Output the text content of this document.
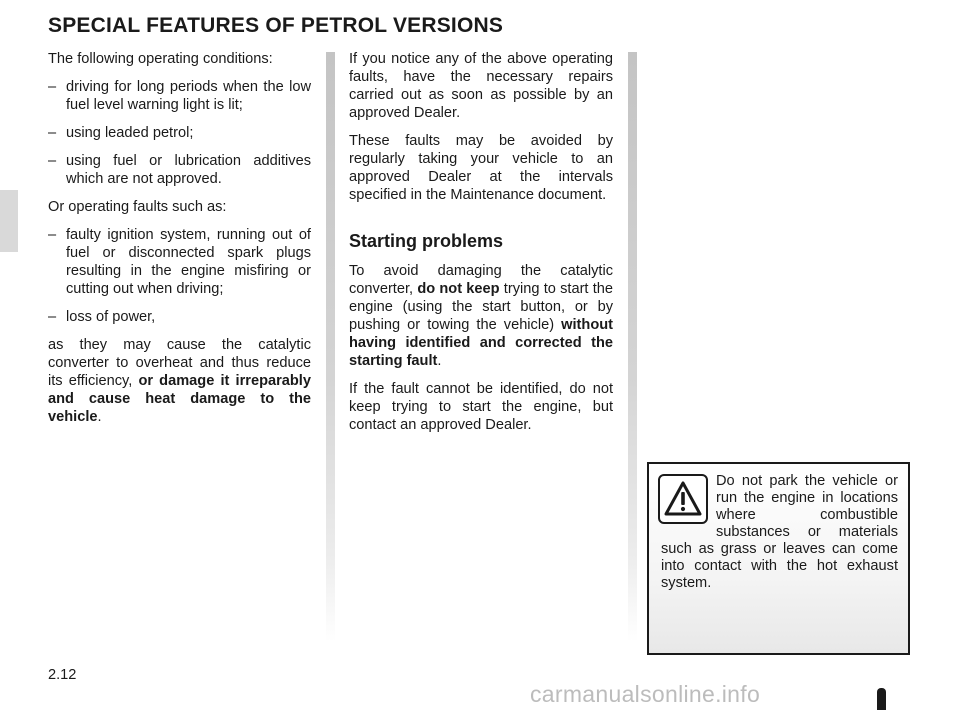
SPECIAL FEATURES OF PETROL VERSIONS

The following operating conditions:

– driving for long periods when the low fuel level warning light is lit;
– using leaded petrol;
– using fuel or lubrication additives which are not approved.

Or operating faults such as:

– faulty ignition system, running out of fuel or disconnected spark plugs resulting in the engine misfiring or cutting out when driving;
– loss of power,

as they may cause the catalytic converter to overheat and thus reduce its efficiency, or damage it irreparably and cause heat damage to the vehicle.

If you notice any of the above operating faults, have the necessary repairs carried out as soon as possible by an approved Dealer.

These faults may be avoided by regularly taking your vehicle to an approved Dealer at the intervals specified in the Maintenance document.

Starting problems

To avoid damaging the catalytic converter, do not keep trying to start the engine (using the start button, or by pushing or towing the vehicle) without having identified and corrected the starting fault.

If the fault cannot be identified, do not keep trying to start the engine, but contact an approved Dealer.

Do not park the vehicle or run the engine in locations where combustible substances or materials such as grass or leaves can come into contact with the hot exhaust system.
2.12
carmanualsonline.info
